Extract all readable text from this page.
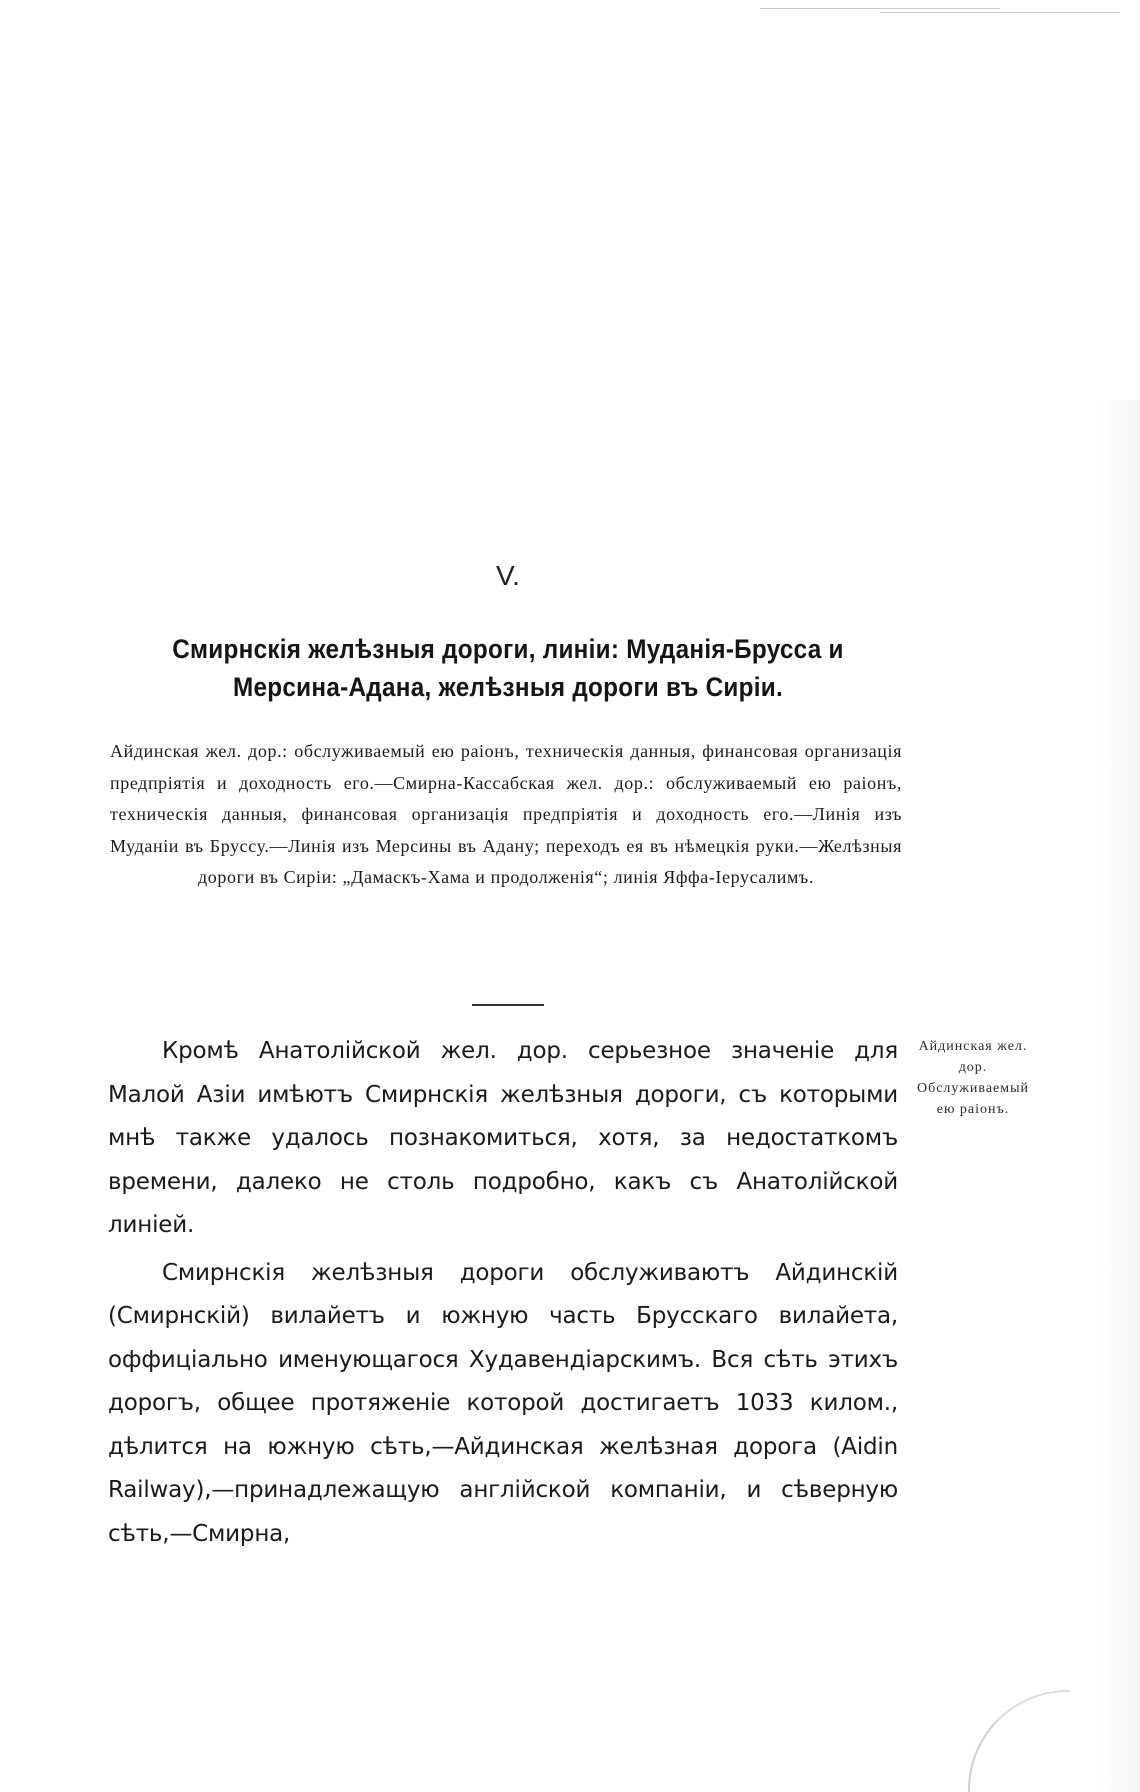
V.
Смирнскія желѣзныя дороги, линіи: Муданія-Брусса и Мерсина-Адана, желѣзныя дороги въ Сиріи.
Айдинская жел. дор.: обслуживаемый ею раіонъ, техническія данныя, финансовая организація предпріятія и доходность его.—Смирна-Кассабская жел. дор.: обслуживаемый ею раіонъ, техническія данныя, финансовая организація предпріятія и доходность его.—Линія изъ Муданіи въ Бруссу.—Линія изъ Мерсины въ Адану; переходъ ея въ нѣмецкія руки.—Желѣзныя дороги въ Сиріи: „Дамаскъ-Хама и продолженія“; линія Яффа-Іерусалимъ.

Кромѣ Анатолійской жел. дор. серьезное значеніе для Малой Азіи имѣютъ Смирнскія желѣзныя дороги, съ которыми мнѣ также удалось познакомиться, хотя, за недостаткомъ времени, далеко не столь подробно, какъ съ Анатолійской линіей.

Смирнскія желѣзныя дороги обслуживаютъ Айдинскій (Смирнскій) вилайетъ и южную часть Брусскаго вилайета, оффиціально именующагося Худавендіарскимъ. Вся сѣть этихъ дорогъ, общее протяженіе которой достигаетъ 1033 килом., дѣлится на южную сѣть,—Айдинская желѣзная дорога (Aidin Railway),—принадлежащую англійской компаніи, и сѣверную сѣть,—Смирна,

Айдинская жел. дор. Обслуживаемый ею раіонъ.
